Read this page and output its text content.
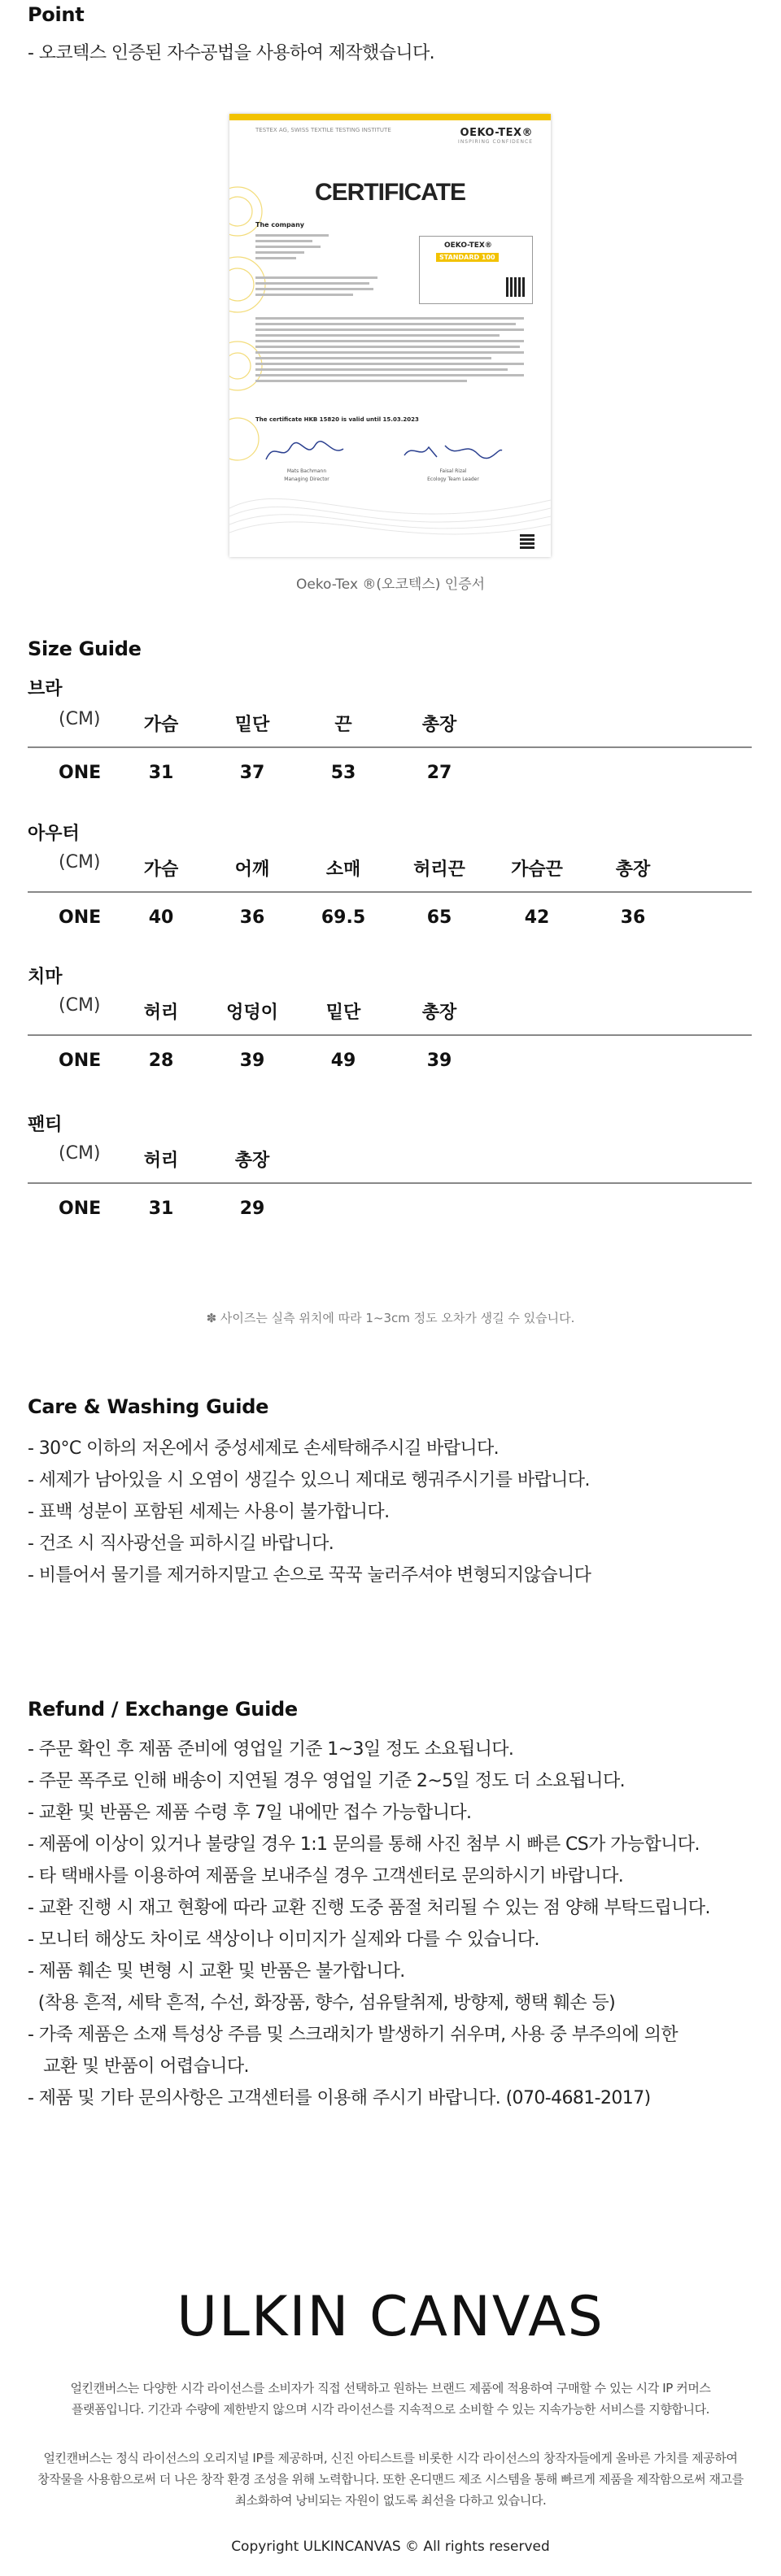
Point
- 오코텍스 인증된 자수공법을 사용하여 제작했습니다.
TESTEX AG, SWISS TEXTILE TESTING INSTITUTE	OEKO-TEX®
INSPIRING CONFIDENCE
CERTIFICATE
The company
OEKO-TEX®
STANDARD 100
The certificate HKB 15820 is valid until 15.03.2023
Mats Bachmann
Managing Director
Faisal Rizal
Ecology Team Leader
Oeko-Tex ®(오코텍스) 인증서
Size Guide
브라
(CM)	가슴	밑단	끈	총장
ONE	31	37	53	27
아우터
(CM)	가슴	어깨	소매	허리끈	가슴끈	총장
ONE	40	36	69.5	65	42	36
치마
(CM)	허리	엉덩이	밑단	총장
ONE	28	39	49	39
팬티
(CM)	허리	총장
ONE	31	29
✽ 사이즈는 실측 위치에 따라 1~3cm 정도 오차가 생길 수 있습니다.
Care & Washing Guide
- 30°C 이하의 저온에서 중성세제로 손세탁해주시길 바랍니다.
- 세제가 남아있을 시 오염이 생길수 있으니 제대로 헹궈주시기를 바랍니다.
- 표백 성분이 포함된 세제는 사용이 불가합니다.
- 건조 시 직사광선을 피하시길 바랍니다.
- 비틀어서 물기를 제거하지말고 손으로 꾹꾹 눌러주셔야 변형되지않습니다
Refund / Exchange Guide
- 주문 확인 후 제품 준비에 영업일 기준 1~3일 정도 소요됩니다.
- 주문 폭주로 인해 배송이 지연될 경우 영업일 기준 2~5일 정도 더 소요됩니다.
- 교환 및 반품은 제품 수령 후 7일 내에만 접수 가능합니다.
- 제품에 이상이 있거나 불량일 경우 1:1 문의를 통해 사진 첨부 시 빠른 CS가 가능합니다.
- 타 택배사를 이용하여 제품을 보내주실 경우 고객센터로 문의하시기 바랍니다.
- 교환 진행 시 재고 현황에 따라 교환 진행 도중 품절 처리될 수 있는 점 양해 부탁드립니다.
- 모니터 해상도 차이로 색상이나 이미지가 실제와 다를 수 있습니다.
- 제품 훼손 및 변형 시 교환 및 반품은 불가합니다.
(착용 흔적, 세탁 흔적, 수선, 화장품, 향수, 섬유탈취제, 방향제, 행택 훼손 등)
- 가죽 제품은 소재 특성상 주름 및 스크래치가 발생하기 쉬우며, 사용 중 부주의에 의한
교환 및 반품이 어렵습니다.
- 제품 및 기타 문의사항은 고객센터를 이용해 주시기 바랍니다. (070-4681-2017)
ULKIN CANVAS
얼킨캔버스는 다양한 시각 라이선스를 소비자가 직접 선택하고 원하는 브랜드 제품에 적용하여 구매할 수 있는 시각 IP 커머스
플랫폼입니다. 기간과 수량에 제한받지 않으며 시각 라이선스를 지속적으로 소비할 수 있는 지속가능한 서비스를 지향합니다.
얼킨캔버스는 정식 라이선스의 오리지널 IP를 제공하며, 신진 아티스트를 비롯한 시각 라이선스의 창작자들에게 올바른 가치를 제공하여
창작물을 사용함으로써 더 나은 창작 환경 조성을 위해 노력합니다. 또한 온디맨드 제조 시스템을 통해 빠르게 제품을 제작함으로써 재고를
최소화하여 낭비되는 자원이 없도록 최선을 다하고 있습니다.
Copyright ULKINCANVAS © All rights reserved
